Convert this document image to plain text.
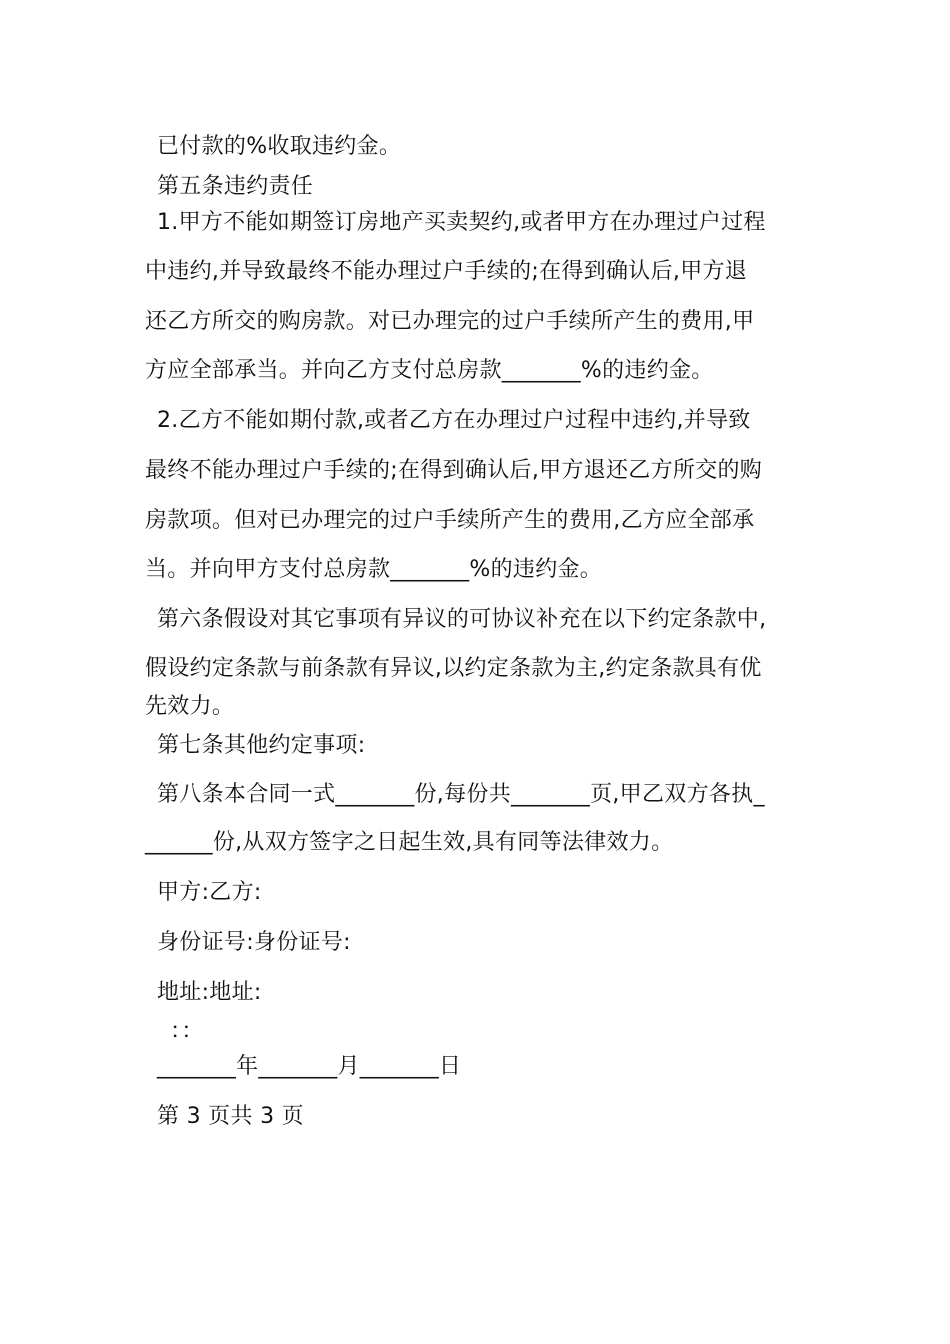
已付款的%收取违约金。
第五条违约责任
1.甲方不能如期签订房地产买卖契约,或者甲方在办理过户过程
中违约,并导致最终不能办理过户手续的;在得到确认后,甲方退
还乙方所交的购房款。对已办理完的过户手续所产生的费用,甲
方应全部承当。并向乙方支付总房款_______%的违约金。
2.乙方不能如期付款,或者乙方在办理过户过程中违约,并导致
最终不能办理过户手续的;在得到确认后,甲方退还乙方所交的购
房款项。但对已办理完的过户手续所产生的费用,乙方应全部承
当。并向甲方支付总房款_______%的违约金。
第六条假设对其它事项有异议的可协议补充在以下约定条款中,
假设约定条款与前条款有异议,以约定条款为主,约定条款具有优
先效力。
第七条其他约定事项:
第八条本合同一式_______份,每份共_______页,甲乙双方各执_
______份,从双方签字之日起生效,具有同等法律效力。
甲方:乙方:
身份证号:身份证号:
地址:地址:
：：
_______年_______月_______日
第 3 页共 3 页
